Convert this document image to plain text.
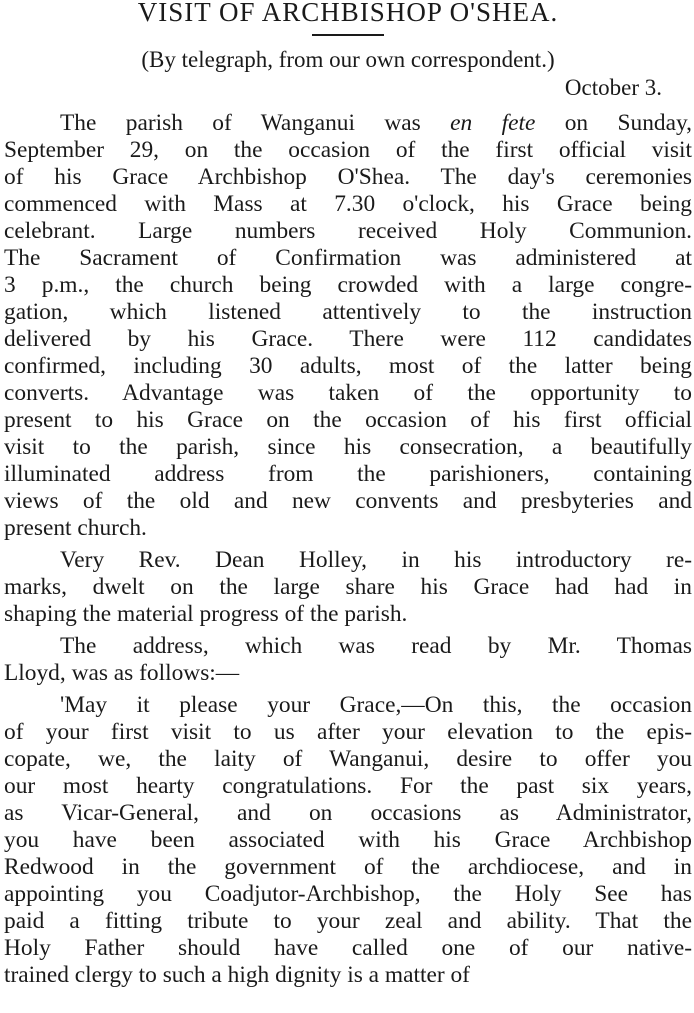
VISIT OF ARCHBISHOP O'SHEA.
(By telegraph, from our own correspondent.)
October 3.
The parish of Wanganui was en fete on Sunday,
September 29, on the occasion of the first official visit
of his Grace Archbishop O'Shea. The day's ceremonies
commenced with Mass at 7.30 o'clock, his Grace being
celebrant. Large numbers received Holy Communion.
The Sacrament of Confirmation was administered at
3 p.m., the church being crowded with a large congre-
gation, which listened attentively to the instruction
delivered by his Grace. There were 112 candidates
confirmed, including 30 adults, most of the latter being
converts. Advantage was taken of the opportunity to
present to his Grace on the occasion of his first official
visit to the parish, since his consecration, a beautifully
illuminated address from the parishioners, containing
views of the old and new convents and presbyteries and
present church.
Very Rev. Dean Holley, in his introductory re-
marks, dwelt on the large share his Grace had had in
shaping the material progress of the parish.
The address, which was read by Mr. Thomas
Lloyd, was as follows:—
'May it please your Grace,—On this, the occasion
of your first visit to us after your elevation to the epis-
copate, we, the laity of Wanganui, desire to offer you
our most hearty congratulations. For the past six years,
as Vicar-General, and on occasions as Administrator,
you have been associated with his Grace Archbishop
Redwood in the government of the archdiocese, and in
appointing you Coadjutor-Archbishop, the Holy See has
paid a fitting tribute to your zeal and ability. That the
Holy Father should have called one of our native-
trained clergy to such a high dignity is a matter of
